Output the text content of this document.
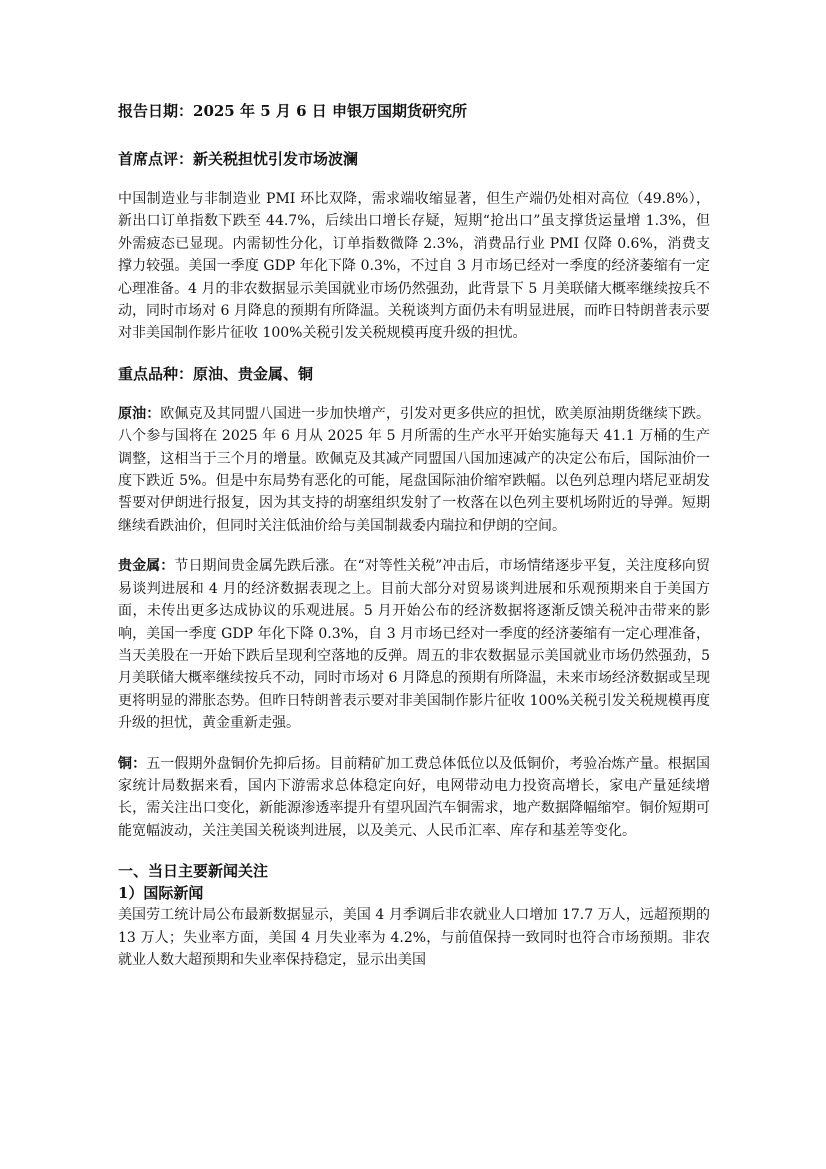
报告日期：2025 年 5 月 6 日 申银万国期货研究所
首席点评：新关税担忧引发市场波澜
中国制造业与非制造业 PMI 环比双降，需求端收缩显著，但生产端仍处相对高位（49.8%），新出口订单指数下跌至 44.7%，后续出口增长存疑，短期“抢出口”虽支撑货运量增 1.3%，但外需疲态已显现。内需韧性分化，订单指数微降 2.3%，消费品行业 PMI 仅降 0.6%，消费支撑力较强。美国一季度 GDP 年化下降 0.3%，不过自 3 月市场已经对一季度的经济萎缩有一定心理准备。4 月的非农数据显示美国就业市场仍然强劲，此背景下 5 月美联储大概率继续按兵不动，同时市场对 6 月降息的预期有所降温。关税谈判方面仍未有明显进展，而昨日特朗普表示要对非美国制作影片征收 100%关税引发关税规模再度升级的担忧。
重点品种：原油、贵金属、铜
原油：欧佩克及其同盟八国进一步加快增产，引发对更多供应的担忧，欧美原油期货继续下跌。八个参与国将在 2025 年 6 月从 2025 年 5 月所需的生产水平开始实施每天 41.1 万桶的生产调整，这相当于三个月的增量。欧佩克及其减产同盟国八国加速减产的决定公布后，国际油价一度下跌近 5%。但是中东局势有恶化的可能，尾盘国际油价缩窄跌幅。以色列总理内塔尼亚胡发誓要对伊朗进行报复，因为其支持的胡塞组织发射了一枚落在以色列主要机场附近的导弹。短期继续看跌油价，但同时关注低油价给与美国制裁委内瑞拉和伊朗的空间。
贵金属：节日期间贵金属先跌后涨。在“对等性关税”冲击后，市场情绪逐步平复，关注度移向贸易谈判进展和 4 月的经济数据表现之上。目前大部分对贸易谈判进展和乐观预期来自于美国方面，未传出更多达成协议的乐观进展。5 月开始公布的经济数据将逐渐反馈关税冲击带来的影响，美国一季度 GDP 年化下降 0.3%，自 3 月市场已经对一季度的经济萎缩有一定心理准备，当天美股在一开始下跌后呈现利空落地的反弹。周五的非农数据显示美国就业市场仍然强劲，5 月美联储大概率继续按兵不动，同时市场对 6 月降息的预期有所降温，未来市场经济数据或呈现更将明显的滞胀态势。但昨日特朗普表示要对非美国制作影片征收 100%关税引发关税规模再度升级的担忧，黄金重新走强。
铜：五一假期外盘铜价先抑后扬。目前精矿加工费总体低位以及低铜价，考验冶炼产量。根据国家统计局数据来看，国内下游需求总体稳定向好，电网带动电力投资高增长，家电产量延续增长，需关注出口变化，新能源渗透率提升有望巩固汽车铜需求，地产数据降幅缩窄。铜价短期可能宽幅波动，关注美国关税谈判进展，以及美元、人民币汇率、库存和基差等变化。
一、当日主要新闻关注
1）国际新闻
美国劳工统计局公布最新数据显示，美国 4 月季调后非农就业人口增加 17.7 万人，远超预期的 13 万人；失业率方面，美国 4 月失业率为 4.2%，与前值保持一致同时也符合市场预期。非农就业人数大超预期和失业率保持稳定，显示出美国
